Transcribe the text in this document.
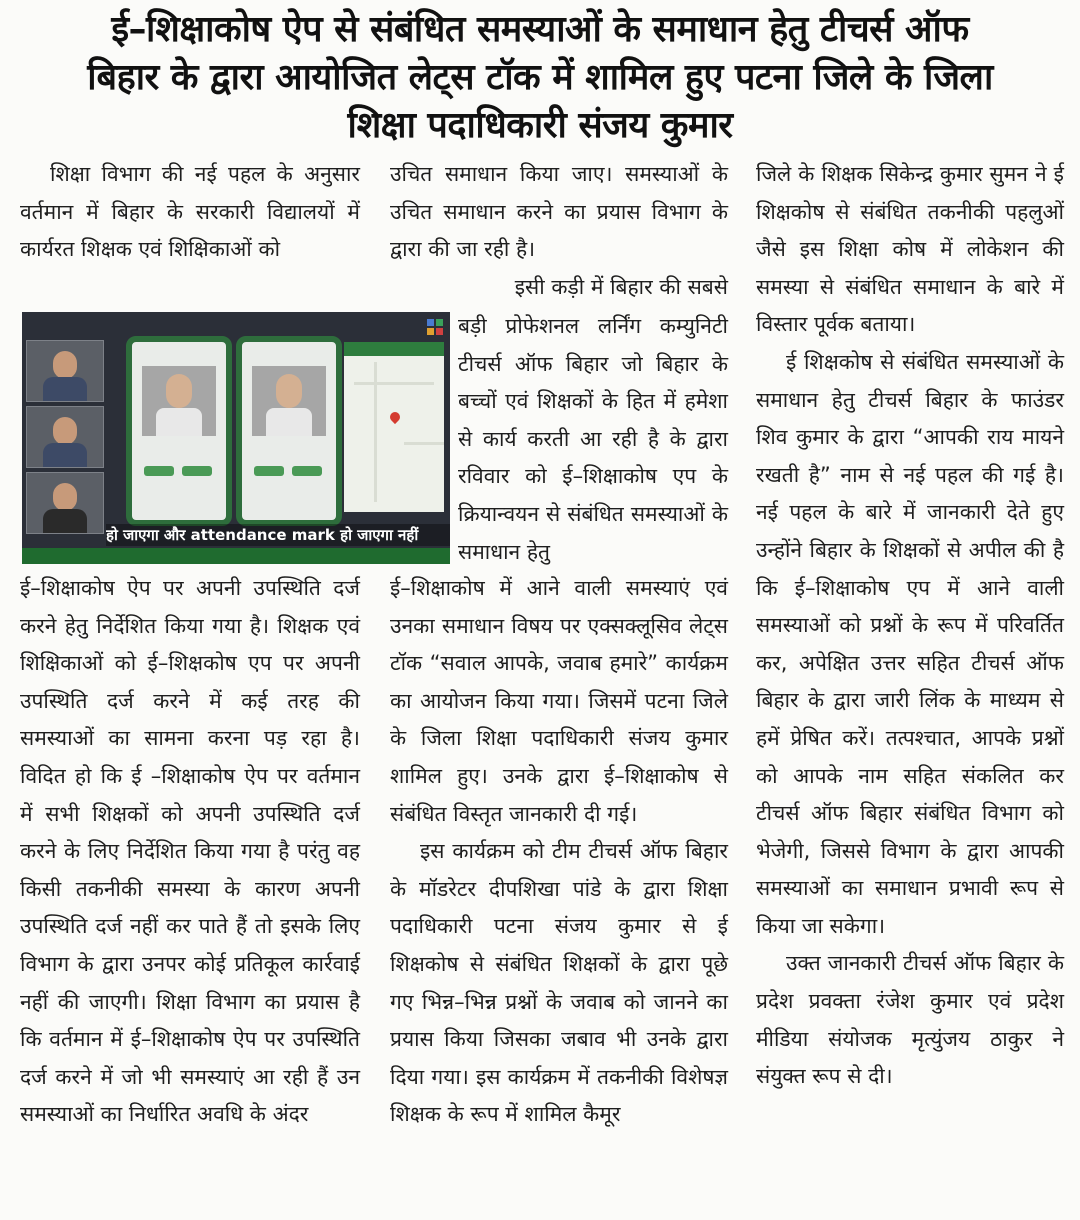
ई–शिक्षाकोष ऐप से संबंधित समस्याओं के समाधान हेतु टीचर्स ऑफ
बिहार के द्वारा आयोजित लेट्स टॉक में शामिल हुए पटना जिले के जिला
शिक्षा पदाधिकारी संजय कुमार

शिक्षा विभाग की नई पहल के अनुसार वर्तमान में बिहार के सरकारी विद्यालयों में कार्यरत शिक्षक एवं शिक्षिकाओं को

हो जाएगा और attendance mark हो जाएगा नहीं

ई–शिक्षाकोष ऐप पर अपनी उपस्थिति दर्ज करने हेतु निर्देशित किया गया है। शिक्षक एवं शिक्षिकाओं को ई–शिक्षकोष एप पर अपनी उपस्थिति दर्ज करने में कई तरह की समस्याओं का सामना करना पड़ रहा है। विदित हो कि ई –शिक्षाकोष ऐप पर वर्तमान में सभी शिक्षकों को अपनी उपस्थिति दर्ज करने के लिए निर्देशित किया गया है परंतु वह किसी तकनीकी समस्या के कारण अपनी उपस्थिति दर्ज नहीं कर पाते हैं तो इसके लिए विभाग के द्वारा उनपर कोई प्रतिकूल कार्रवाई नहीं की जाएगी। शिक्षा विभाग का प्रयास है कि वर्तमान में ई–शिक्षाकोष ऐप पर उपस्थिति दर्ज करने में जो भी समस्याएं आ रही हैं उन समस्याओं का निर्धारित अवधि के अंदर

उचित समाधान किया जाए। समस्याओं के उचित समाधान करने का प्रयास विभाग के द्वारा की जा रही है।

इसी कड़ी में बिहार की सबसे

बड़ी प्रोफेशनल लर्निंग कम्युनिटी टीचर्स ऑफ बिहार जो बिहार के बच्चों एवं शिक्षकों के हित में हमेशा से कार्य करती आ रही है के द्वारा रविवार को ई–शिक्षाकोष एप के क्रियान्वयन से संबंधित समस्याओं के समाधान हेतु

ई–शिक्षाकोष में आने वाली समस्याएं एवं उनका समाधान विषय पर एक्सक्लूसिव लेट्स टॉक “सवाल आपके, जवाब हमारे” कार्यक्रम का आयोजन किया गया। जिसमें पटना जिले के जिला शिक्षा पदाधिकारी संजय कुमार शामिल हुए। उनके द्वारा ई–शिक्षाकोष से संबंधित विस्तृत जानकारी दी गई।

इस कार्यक्रम को टीम टीचर्स ऑफ बिहार के मॉडरेटर दीपशिखा पांडे के द्वारा शिक्षा पदाधिकारी पटना संजय कुमार से ई शिक्षकोष से संबंधित शिक्षकों के द्वारा पूछे गए भिन्न–भिन्न प्रश्नों के जवाब को जानने का प्रयास किया जिसका जबाव भी उनके द्वारा दिया गया। इस कार्यक्रम में तकनीकी विशेषज्ञ शिक्षक के रूप में शामिल कैमूर

जिले के शिक्षक सिकेन्द्र कुमार सुमन ने ई शिक्षकोष से संबंधित तकनीकी पहलुओं जैसे इस शिक्षा कोष में लोकेशन की समस्या से संबंधित समाधान के बारे में विस्तार पूर्वक बताया।

ई शिक्षकोष से संबंधित समस्याओं के समाधान हेतु टीचर्स बिहार के फाउंडर शिव कुमार के द्वारा “आपकी राय मायने रखती है” नाम से नई पहल की गई है। नई पहल के बारे में जानकारी देते हुए उन्होंने बिहार के शिक्षकों से अपील की है कि ई–शिक्षाकोष एप में आने वाली समस्याओं को प्रश्नों के रूप में परिवर्तित कर, अपेक्षित उत्तर सहित टीचर्स ऑफ बिहार के द्वारा जारी लिंक के माध्यम से हमें प्रेषित करें। तत्पश्चात, आपके प्रश्नों को आपके नाम सहित संकलित कर टीचर्स ऑफ बिहार संबंधित विभाग को भेजेगी, जिससे विभाग के द्वारा आपकी समस्याओं का समाधान प्रभावी रूप से किया जा सकेगा।

उक्त जानकारी टीचर्स ऑफ बिहार के प्रदेश प्रवक्ता रंजेश कुमार एवं प्रदेश मीडिया संयोजक मृत्युंजय ठाकुर ने संयुक्त रूप से दी।
